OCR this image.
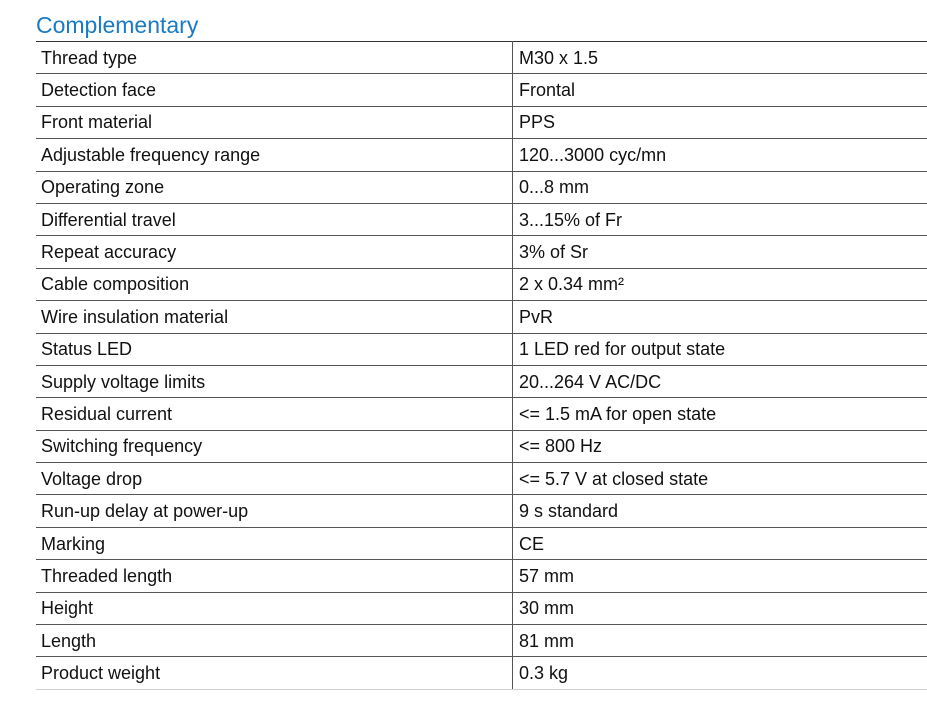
Complementary
Thread type	M30 x 1.5
Detection face	Frontal
Front material	PPS
Adjustable frequency range	120...3000 cyc/mn
Operating zone	0...8 mm
Differential travel	3...15% of Fr
Repeat accuracy	3% of Sr
Cable composition	2 x 0.34 mm²
Wire insulation material	PvR
Status LED	1 LED red for output state
Supply voltage limits	20...264 V AC/DC
Residual current	<= 1.5 mA for open state
Switching frequency	<= 800 Hz
Voltage drop	<= 5.7 V at closed state
Run-up delay at power-up	9 s standard
Marking	CE
Threaded length	57 mm
Height	30 mm
Length	81 mm
Product weight	0.3 kg
